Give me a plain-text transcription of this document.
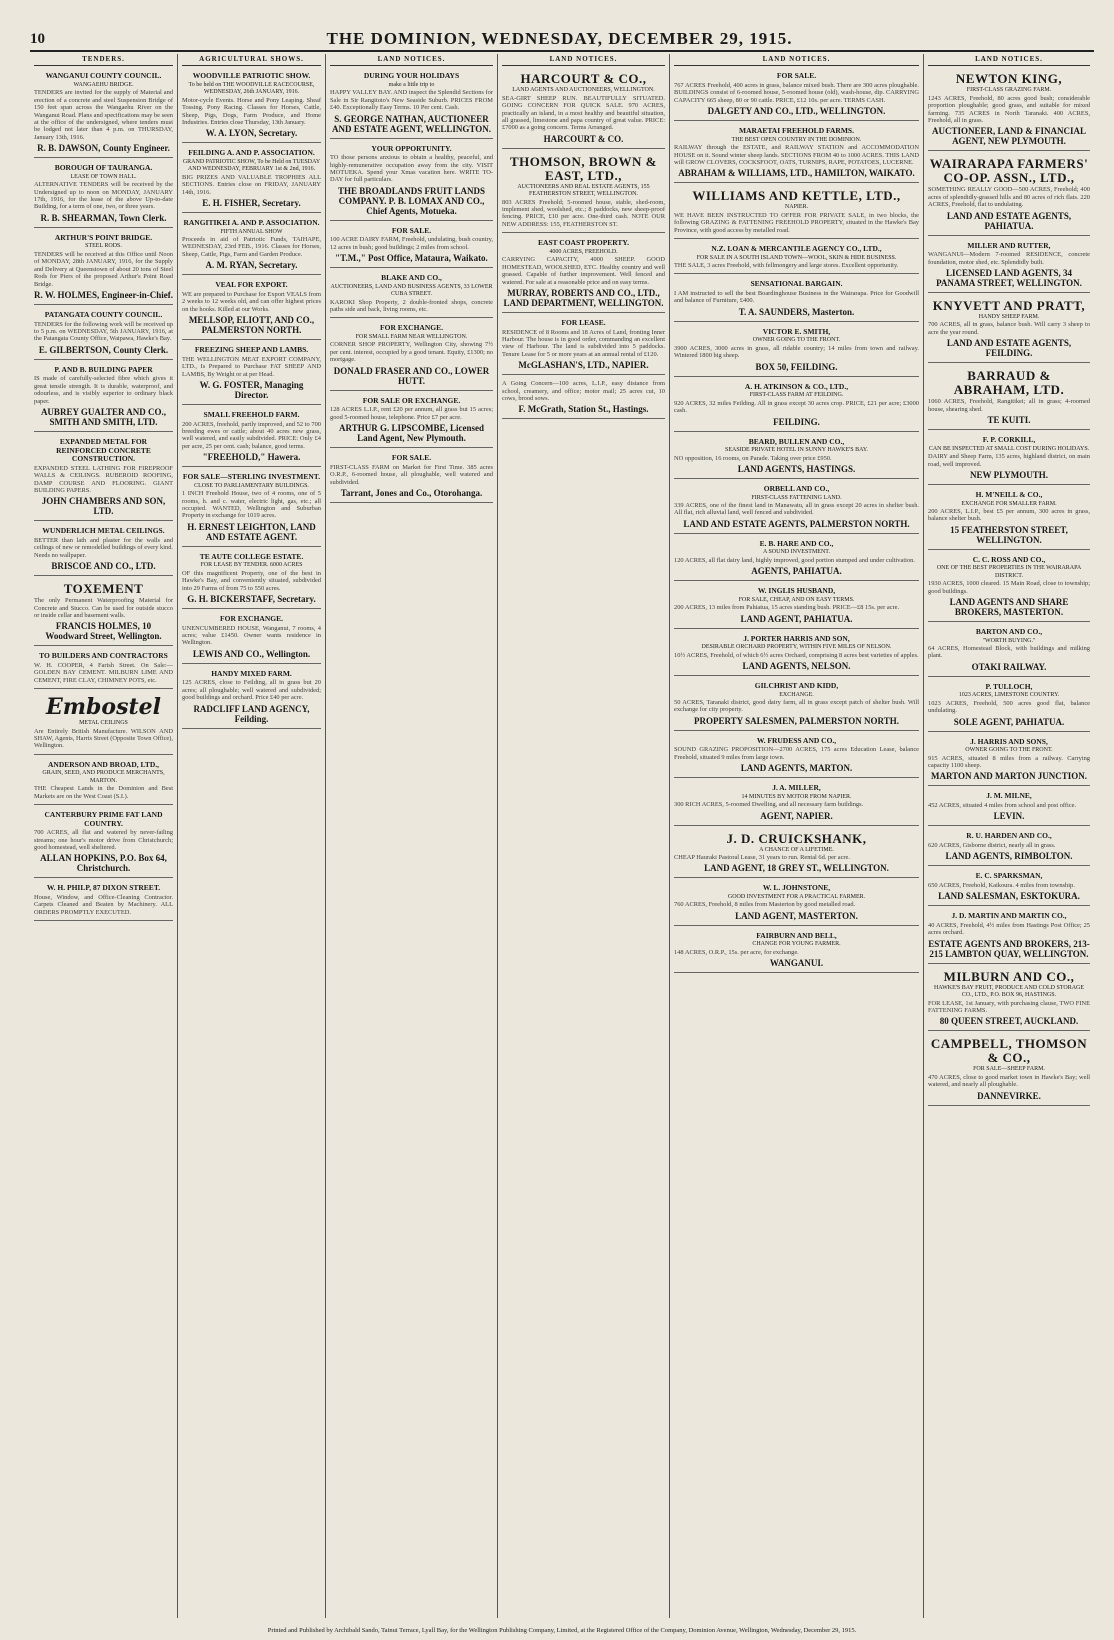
10	THE DOMINION, WEDNESDAY, DECEMBER 29, 1915.
TENDERS.
WANGANUI COUNTY COUNCIL.
WANGAEHU BRIDGE.
TENDERS are invited for the supply of Material and erection of a concrete and steel Suspension Bridge of 150 feet span across the Wangaehu River on the Wanganui Road. Plans and specifications may be seen at the office of the undersigned, where tenders must be lodged not later than 4 p.m. on THURSDAY, January 13th, 1916.
R. B. DAWSON, County Engineer.
BOROUGH OF TAURANGA.
LEASE OF TOWN HALL.
ALTERNATIVE TENDERS will be received by the Undersigned up to noon on MONDAY, JANUARY 17th, 1916, for the lease of the above Up-to-date Building, for a term of one, two, or three years.
R. B. SHEARMAN, Town Clerk.
ARTHUR'S POINT BRIDGE.
STEEL RODS.
TENDERS will be received at this Office until Noon of MONDAY, 28th JANUARY, 1916, for the Supply and Delivery at Queenstown of about 20 tons of Steel Rods for Piers of the proposed Arthur's Point Road Bridge.
R. W. HOLMES, Engineer-in-Chief.
PATANGATA COUNTY COUNCIL.
TENDERS for the following work will be received up to 5 p.m. on WEDNESDAY, 5th JANUARY, 1916, at the Patangata County Office, Waipawa, Hawke's Bay.
E. GILBERTSON, County Clerk.
P. AND B. BUILDING PAPER
IS made of carefully-selected fibre which gives it great tensile strength. It is durable, waterproof, and odourless, and is visibly superior to ordinary black paper.
AUBREY GUALTER AND CO., SMITH AND SMITH, LTD.
EXPANDED METAL FOR REINFORCED CONCRETE CONSTRUCTION.
EXPANDED STEEL LATHING FOR FIREPROOF WALLS & CEILINGS. RUBEROID ROOFING, DAMP COURSE AND FLOORING. GIANT BUILDING PAPERS.
JOHN CHAMBERS AND SON, LTD.
WUNDERLICH METAL CEILINGS.
BETTER than lath and plaster for the walls and ceilings of new or remodelled buildings of every kind. Needs no wallpaper.
BRISCOE AND CO., LTD.
TOXEMENT
The only Permanent Waterproofing Material for Concrete and Stucco. Can be used for outside stucco or inside cellar and basement walls.
FRANCIS HOLMES, 10 Woodward Street, Wellington.
TO BUILDERS AND CONTRACTORS
W. H. COOPER, 4 Farish Street. On Sale:— GOLDEN BAY CEMENT. MILBURN LIME AND CEMENT, FIRE CLAY, CHIMNEY POTS, etc.
Embostel
METAL CEILINGS
Are Entirely British Manufacture. WILSON AND SHAW, Agents, Harris Street (Opposite Town Office), Wellington.
ANDERSON AND BROAD, LTD.,
GRAIN, SEED, AND PRODUCE MERCHANTS, MARTON.
THE Cheapest Lands in the Dominion and Best Markets are on the West Coast (S.I.).
CANTERBURY PRIME FAT LAND COUNTRY.
700 ACRES, all flat and watered by never-failing streams; one hour's motor drive from Christchurch; good homestead, well sheltered.
ALLAN HOPKINS, P.O. Box 64, Christchurch.
W. H. PHILP, 87 DIXON STREET.
House, Window, and Office-Cleaning Contractor. Carpets Cleaned and Beaten by Machinery. ALL ORDERS PROMPTLY EXECUTED.
AGRICULTURAL SHOWS.
WOODVILLE PATRIOTIC SHOW.
To be held on THE WOODVILLE RACECOURSE, WEDNESDAY, 26th JANUARY, 1916.
Motor-cycle Events. Horse and Pony Leaping. Sheaf Tossing. Pony Racing. Classes for Horses, Cattle, Sheep, Pigs, Dogs, Farm Produce, and Home Industries. Entries close Thursday, 13th January.
W. A. LYON, Secretary.
FEILDING A. AND P. ASSOCIATION.
GRAND PATRIOTIC SHOW, To be Held on TUESDAY AND WEDNESDAY, FEBRUARY 1st & 2nd, 1916.
BIG PRIZES AND VALUABLE TROPHIES ALL SECTIONS. Entries close on FRIDAY, JANUARY 14th, 1916.
E. H. FISHER, Secretary.
RANGITIKEI A. AND P. ASSOCIATION.
FIFTH ANNUAL SHOW
Proceeds in aid of Patriotic Funds, TAIHAPE, WEDNESDAY, 23rd FEB., 1916. Classes for Horses, Sheep, Cattle, Pigs, Farm and Garden Produce.
A. M. RYAN, Secretary.
VEAL FOR EXPORT.
WE are prepared to Purchase for Export VEALS from 2 weeks to 12 weeks old, and can offer highest prices on the hooks. Killed at our Works.
MELLSOP, ELIOTT, AND CO., PALMERSTON NORTH.
FREEZING SHEEP AND LAMBS.
THE WELLINGTON MEAT EXPORT COMPANY, LTD., Is Prepared to Purchase FAT SHEEP AND LAMBS, By Weight or at per Head.
W. G. FOSTER, Managing Director.
SMALL FREEHOLD FARM.
200 ACRES, freehold, partly improved, and 52 to 700 breeding ewes or cattle; about 40 acres new grass, well watered, and easily subdivided. PRICE: Only £4 per acre, 25 per cent. cash; balance, good terms.
"FREEHOLD," Hawera.
FOR SALE—STERLING INVESTMENT.
CLOSE TO PARLIAMENTARY BUILDINGS.
1 INCH Freehold House, two of 4 rooms, one of 5 rooms, h. and c. water, electric light, gas, etc.; all occupied. WANTED, Wellington and Suburban Property in exchange for 1019 acres.
H. ERNEST LEIGHTON, LAND AND ESTATE AGENT.
TE AUTE COLLEGE ESTATE.
FOR LEASE BY TENDER. 6000 ACRES
OF this magnificent Property, one of the best in Hawke's Bay, and conveniently situated, subdivided into 29 Farms of from 75 to 550 acres.
G. H. BICKERSTAFF, Secretary.
FOR EXCHANGE.
UNENCUMBERED HOUSE, Wanganui, 7 rooms, 4 acres; value £1450. Owner wants residence in Wellington.
LEWIS AND CO., Wellington.
HANDY MIXED FARM.
125 ACRES, close to Feilding, all in grass but 20 acres; all ploughable; well watered and subdivided; good buildings and orchard. Price £40 per acre.
RADCLIFF LAND AGENCY, Feilding.
LAND NOTICES.
DURING YOUR HOLIDAYS
make a little trip to
HAPPY VALLEY BAY. AND inspect the Splendid Sections for Sale in Sir Rangitoto's New Seaside Suburb. PRICES FROM £40. Exceptionally Easy Terms. 10 Per cent. Cash.
S. GEORGE NATHAN, AUCTIONEER AND ESTATE AGENT, WELLINGTON.
YOUR OPPORTUNITY.
TO those persons anxious to obtain a healthy, peaceful, and highly-remunerative occupation away from the city. VISIT MOTUEKA. Spend your Xmas vacation here. WRITE TO-DAY for full particulars.
THE BROADLANDS FRUIT LANDS COMPANY. P. B. LOMAX AND CO., Chief Agents, Motueka.
FOR SALE.
100 ACRE DAIRY FARM, Freehold, undulating, bush country, 12 acres in bush; good buildings; 2 miles from school.
"T.M.," Post Office, Mataura, Waikato.
BLAKE AND CO.,
AUCTIONEERS, LAND AND BUSINESS AGENTS, 33 LOWER CUBA STREET.
KAROKI Shop Property, 2 double-fronted shops, concrete paths side and back, living rooms, etc.
FOR EXCHANGE.
FOR SMALL FARM NEAR WELLINGTON.
CORNER SHOP PROPERTY, Wellington City, showing 7½ per cent. interest, occupied by a good tenant. Equity, £1300; no mortgage.
DONALD FRASER AND CO., LOWER HUTT.
FOR SALE OR EXCHANGE.
128 ACRES L.I.P., rent £20 per annum, all grass but 15 acres; good 5-roomed house, telephone. Price £7 per acre.
ARTHUR G. LIPSCOMBE, Licensed Land Agent, New Plymouth.
FOR SALE.
FIRST-CLASS FARM on Market for First Time. 385 acres O.R.P., 6-roomed house, all ploughable, well watered and subdivided.
Tarrant, Jones and Co., Otorohanga.
LAND NOTICES.
HARCOURT & CO.,
LAND AGENTS AND AUCTIONEERS, WELLINGTON.
SEA-GIRT SHEEP RUN. BEAUTIFULLY SITUATED. GOING CONCERN FOR QUICK SALE. 970 ACRES, practically an island, in a most healthy and beautiful situation, all grassed, limestone and papa country of great value. PRICE: £7000 as a going concern. Terms Arranged.
HARCOURT & CO.
THOMSON, BROWN & EAST, LTD.,
AUCTIONEERS AND REAL ESTATE AGENTS, 155 FEATHERSTON STREET, WELLINGTON.
803 ACRES Freehold; 5-roomed house, stable, shed-room, implement shed, woolshed, etc.; 8 paddocks, new sheep-proof fencing. PRICE, £10 per acre. One-third cash. NOTE OUR NEW ADDRESS: 155, FEATHERSTON ST.
EAST COAST PROPERTY.
4000 ACRES, FREEHOLD.
CARRYING CAPACITY, 4000 SHEEP. GOOD HOMESTEAD, WOOLSHED, ETC. Healthy country and well grassed. Capable of further improvement. Well fenced and watered. For sale at a reasonable price and on easy terms.
MURRAY, ROBERTS AND CO., LTD., LAND DEPARTMENT, WELLINGTON.
FOR LEASE.
RESIDENCE of 8 Rooms and 18 Acres of Land, fronting Inner Harbour. The house is in good order, commanding an excellent view of Harbour. The land is subdivided into 5 paddocks. Tenure Lease for 5 or more years at an annual rental of £120.
McGLASHAN'S, LTD., NAPIER.
A Going Concern—100 acres, L.I.P., easy distance from school, creamery, and office; motor mail; 25 acres cut, 10 cows, brood sows.
F. McGrath, Station St., Hastings.
LAND NOTICES.
FOR SALE.
767 ACRES Freehold, 400 acres in grass, balance mixed bush. There are 300 acres ploughable. BUILDINGS consist of 6-roomed house, 5-roomed house (old), wash-house, dip. CARRYING CAPACITY 665 sheep, 80 or 90 cattle. PRICE, £12 10s. per acre. TERMS CASH.
DALGETY AND CO., LTD., WELLINGTON.
MARAETAI FREEHOLD FARMS.
THE BEST OPEN COUNTRY IN THE DOMINION.
RAILWAY through the ESTATE, and RAILWAY STATION and ACCOMMODATION HOUSE on it. Sound winter sheep lands. SECTIONS FROM 40 to 1000 ACRES. THIS LAND will GROW CLOVERS, COCKSFOOT, OATS, TURNIPS, RAPE, POTATOES, LUCERNE.
ABRAHAM & WILLIAMS, LTD., HAMILTON, WAIKATO.
WILLIAMS AND KETTLE, LTD.,
NAPIER.
WE HAVE BEEN INSTRUCTED TO OFFER FOR PRIVATE SALE, in two blocks, the following GRAZING & FATTENING FREEHOLD PROPERTY, situated in the Hawke's Bay Province, with good access by metalled road.
N.Z. LOAN & MERCANTILE AGENCY CO., LTD.,
FOR SALE IN A SOUTH ISLAND TOWN—WOOL, SKIN & HIDE BUSINESS.
THE SALE, 3 acres Freehold, with fellmongery and large stores. Excellent opportunity.
SENSATIONAL BARGAIN.
I AM instructed to sell the best Boardinghouse Business in the Wairarapa. Price for Goodwill and balance of Furniture, £400.
T. A. SAUNDERS, Masterton.
VICTOR E. SMITH,
OWNER GOING TO THE FRONT.
3900 ACRES, 3000 acres in grass, all ridable country; 14 miles from town and railway. Wintered 1800 big sheep.
BOX 50, FEILDING.
A. H. ATKINSON & CO., LTD.,
FIRST-CLASS FARM AT FEILDING.
920 ACRES, 32 miles Feilding. All in grass except 30 acres crop. PRICE, £21 per acre; £3000 cash.
FEILDING.
BEARD, BULLEN AND CO.,
SEASIDE PRIVATE HOTEL IN SUNNY HAWKE'S BAY.
NO opposition, 16 rooms, on Parade. Taking over price £950.
LAND AGENTS, HASTINGS.
ORBELL AND CO.,
FIRST-CLASS FATTENING LAND.
339 ACRES, one of the finest land in Manawatu, all in grass except 20 acres in shelter bush. All flat, rich alluvial land, well fenced and subdivided.
LAND AND ESTATE AGENTS, PALMERSTON NORTH.
E. B. HARE AND CO.,
A SOUND INVESTMENT.
120 ACRES, all flat dairy land, highly improved, good portion stumped and under cultivation.
AGENTS, PAHIATUA.
W. INGLIS HUSBAND,
FOR SALE, CHEAP, AND ON EASY TERMS.
200 ACRES, 13 miles from Pahiatua, 15 acres standing bush. PRICE—£8 15s. per acre.
LAND AGENT, PAHIATUA.
J. PORTER HARRIS AND SON,
DESIRABLE ORCHARD PROPERTY, WITHIN FIVE MILES OF NELSON.
10½ ACRES, Freehold, of which 6½ acres Orchard, comprising 8 acres best varieties of apples.
LAND AGENTS, NELSON.
GILCHRIST AND KIDD,
EXCHANGE.
50 ACRES, Taranaki district, good dairy farm, all in grass except patch of shelter bush. Will exchange for city property.
PROPERTY SALESMEN, PALMERSTON NORTH.
W. FRUDESS AND CO.,
SOUND GRAZING PROPOSITION—2700 ACRES, 175 acres Education Lease, balance Freehold, situated 9 miles from large town.
LAND AGENTS, MARTON.
J. A. MILLER,
14 MINUTES BY MOTOR FROM NAPIER.
300 RICH ACRES, 5-roomed Dwelling, and all necessary farm buildings.
AGENT, NAPIER.
J. D. CRUICKSHANK,
A CHANCE OF A LIFETIME.
CHEAP Hauraki Pastoral Lease, 31 years to run. Rental 6d. per acre.
LAND AGENT, 18 GREY ST., WELLINGTON.
W. L. JOHNSTONE,
GOOD INVESTMENT FOR A PRACTICAL FARMER.
760 ACRES, Freehold, 8 miles from Masterton by good metalled road.
LAND AGENT, MASTERTON.
FAIRBURN AND BELL,
CHANGE FOR YOUNG FARMER.
148 ACRES, O.R.P., 15s. per acre, for exchange.
WANGANUI.
LAND NOTICES.
NEWTON KING,
FIRST-CLASS GRAZING FARM.
1243 ACRES, Freehold, 80 acres good bush; considerable proportion ploughable; good grass, and suitable for mixed farming. 735 ACRES in North Taranaki. 400 ACRES, Freehold, all in grass.
AUCTIONEER, LAND & FINANCIAL AGENT, NEW PLYMOUTH.
WAIRARAPA FARMERS' CO-OP. ASSN., LTD.,
SOMETHING REALLY GOOD—500 ACRES, Freehold; 400 acres of splendidly-grassed hills and 80 acres of rich flats. 220 ACRES, Freehold, flat to undulating.
LAND AND ESTATE AGENTS, PAHIATUA.
MILLER AND RUTTER,
WANGANUI—Modern 7-roomed RESIDENCE, concrete foundation, motor shed, etc. Splendidly built.
LICENSED LAND AGENTS, 34 PANAMA STREET, WELLINGTON.
KNYVETT AND PRATT,
HANDY SHEEP FARM.
700 ACRES, all in grass, balance bush. Will carry 3 sheep to acre the year round.
LAND AND ESTATE AGENTS, FEILDING.
BARRAUD & ABRAHAM, LTD.
1060 ACRES, Freehold, Rangitikei; all in grass; 4-roomed house, shearing shed.
TE KUITI.
F. P. CORKILL,
CAN BE INSPECTED AT SMALL COST DURING HOLIDAYS.
DAIRY and Sheep Farm, 135 acres, highland district, on main road, well improved.
NEW PLYMOUTH.
H. M'NEILL & CO.,
EXCHANGE FOR SMALLER FARM.
200 ACRES, L.I.P., best £5 per annum, 300 acres in grass, balance shelter bush.
15 FEATHERSTON STREET, WELLINGTON.
C. C. ROSS AND CO.,
ONE OF THE BEST PROPERTIES IN THE WAIRARAPA DISTRICT.
1930 ACRES, 1000 cleared. 15 Main Road, close to township; good buildings.
LAND AGENTS AND SHARE BROKERS, MASTERTON.
BARTON AND CO.,
"WORTH BUYING."
64 ACRES, Homestead Block, with buildings and milking plant.
OTAKI RAILWAY.
P. TULLOCH,
1023 ACRES, LIMESTONE COUNTRY.
1023 ACRES, Freehold, 500 acres good flat, balance undulating.
SOLE AGENT, PAHIATUA.
J. HARRIS AND SONS,
OWNER GOING TO THE FRONT.
915 ACRES, situated 8 miles from a railway. Carrying capacity 1100 sheep.
MARTON AND MARTON JUNCTION.
J. M. MILNE,
452 ACRES, situated 4 miles from school and post office.
LEVIN.
R. U. HARDEN AND CO.,
620 ACRES, Gisborne district, nearly all in grass.
LAND AGENTS, RIMBOLTON.
E. C. SPARKSMAN,
650 ACRES, Freehold, Kaikoura. 4 miles from township.
LAND SALESMAN, ESKTOKURA.
J. D. MARTIN AND MARTIN CO.,
40 ACRES, Freehold, 4½ miles from Hastings Post Office; 25 acres orchard.
ESTATE AGENTS AND BROKERS, 213-215 LAMBTON QUAY, WELLINGTON.
MILBURN AND CO.,
HAWKE'S BAY FRUIT, PRODUCE AND COLD STORAGE CO., LTD., P.O. BOX 96, HASTINGS.
FOR LEASE, 1st January, with purchasing clause, TWO FINE FATTENING FARMS.
80 QUEEN STREET, AUCKLAND.
CAMPBELL, THOMSON & CO.,
FOR SALE—SHEEP FARM.
470 ACRES, close to good market town in Hawke's Bay; well watered, and nearly all ploughable.
DANNEVIRKE.
Printed and Published by Archibald Sando, Tainui Terrace, Lyall Bay, for the Wellington Publishing Company, Limited, at the Registered Office of the Company, Dominion Avenue, Wellington, Wednesday, December 29, 1915.
